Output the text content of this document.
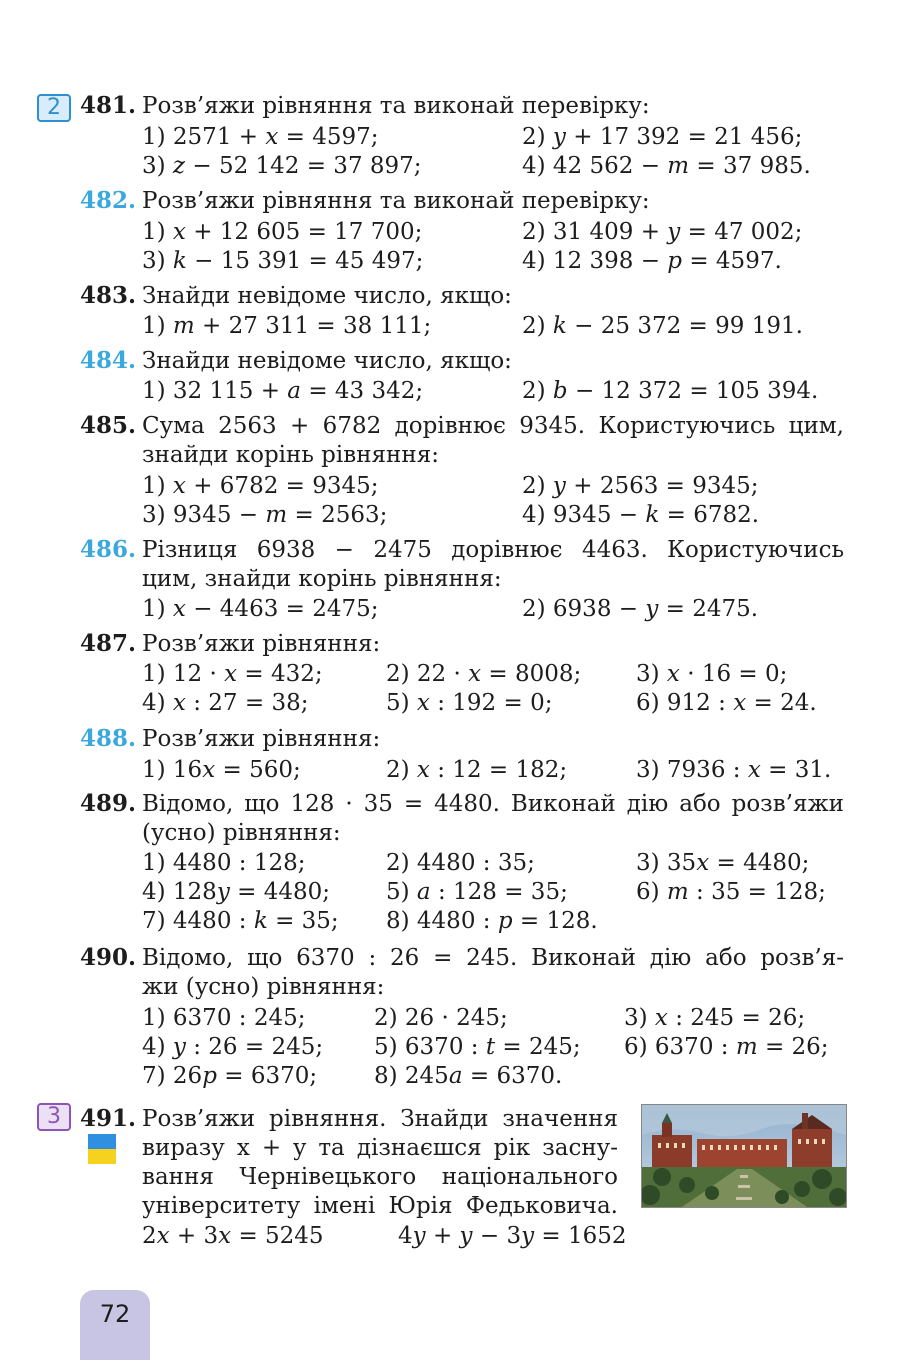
2
3
481. Розв’яжи рівняння та виконай перевірку:
1) 2571 + x = 4597;	2) y + 17 392 = 21 456;
3) z − 52 142 = 37 897;	4) 42 562 − m = 37 985.
482. Розв’яжи рівняння та виконай перевірку:
1) x + 12 605 = 17 700;	2) 31 409 + y = 47 002;
3) k − 15 391 = 45 497;	4) 12 398 − p = 4597.
483. Знайди невідоме число, якщо:
1) m + 27 311 = 38 111;	2) k − 25 372 = 99 191.
484. Знайди невідоме число, якщо:
1) 32 115 + a = 43 342;	2) b − 12 372 = 105 394.
485. Сума 2563 + 6782 дорівнює 9345. Користуючись цим,
знайди корінь рівняння:
1) x + 6782 = 9345;	2) y + 2563 = 9345;
3) 9345 − m = 2563;	4) 9345 − k = 6782.
486. Різниця 6938 − 2475 дорівнює 4463. Користуючись
цим, знайди корінь рівняння:
1) x − 4463 = 2475;	2) 6938 − y = 2475.
487. Розв’яжи рівняння:
1) 12 · x = 432;	2) 22 · x = 8008; 3) x · 16 = 0;
4) x : 27 = 38;	5) x : 192 = 0;	6) 912 : x = 24.
488. Розв’яжи рівняння:
1) 16x = 560;	2) x : 12 = 182;	3) 7936 : x = 31.
489. Відомо, що 128 · 35 = 4480. Виконай дію або розв’яжи
(усно) рівняння:
1) 4480 : 128;	2) 4480 : 35;	3) 35x = 4480;
4) 128y = 4480; 5) a : 128 = 35;	6) m : 35 = 128;
7) 4480 : k = 35; 8) 4480 : p = 128.
490. Відомо, що 6370 : 26 = 245. Виконай дію або розв’я-
жи (усно) рівняння:
1) 6370 : 245;	2) 26 · 245;	3) x : 245 = 26;
4) y : 26 = 245; 5) 6370 : t = 245; 6) 6370 : m = 26;
7) 26p = 6370; 8) 245a = 6370.
491. Розв’яжи рівняння. Знайди значення
виразу x + y та дізнаєшся рік засну-
вання Чернівецького національного
університету імені Юрія Федьковича.
2x + 3x = 5245	4y + y − 3y = 1652
72
